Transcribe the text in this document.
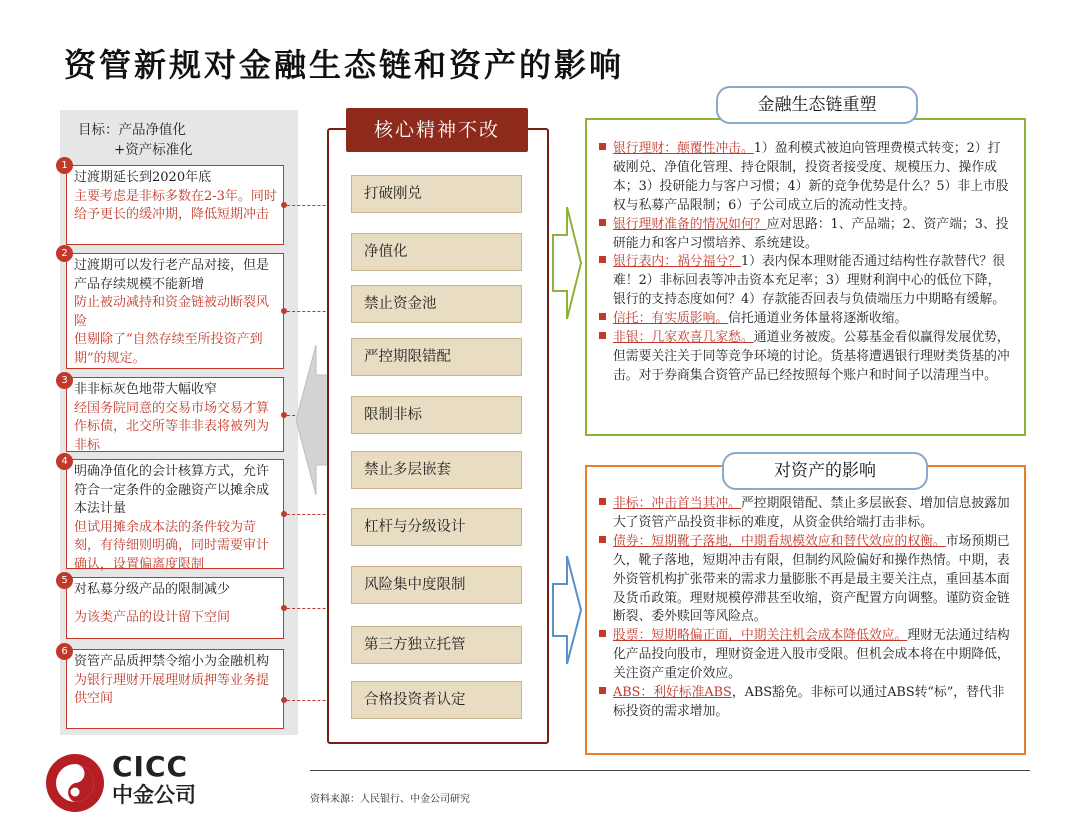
资管新规对金融生态链和资产的影响
目标：产品净值化
+资产标准化
过渡期延长到2020年底
主要考虑是非标多数在2-3年。同时给予更长的缓冲期，降低短期冲击
过渡期可以发行老产品对接，但是产品存续规模不能新增
防止被动减持和资金链被动断裂风险
但剔除了“自然存续至所投资产到期”的规定。
非非标灰色地带大幅收窄
经国务院同意的交易市场交易才算作标债，北交所等非非表将被列为非标
明确净值化的会计核算方式，允许符合一定条件的金融资产以摊余成本法计量
但试用摊余成本法的条件较为苛刻，有待细则明确，同时需要审计确认，设置偏离度限制
对私募分级产品的限制减少
为该类产品的设计留下空间
资管产品质押禁令缩小为金融机构
为银行理财开展理财质押等业务提供空间
1
2
3
4
5
6
核心精神不改
打破刚兑
净值化
禁止资金池
严控期限错配
限制非标
禁止多层嵌套
杠杆与分级设计
风险集中度限制
第三方独立托管
合格投资者认定
银行理财：颠覆性冲击。1）盈利模式被迫向管理费模式转变；2）打破刚兑、净值化管理、持仓限制，投资者接受度、规模压力、操作成本；3）投研能力与客户习惯；4）新的竞争优势是什么？5）非上市股权与私募产品限制；6）子公司成立后的流动性支持。
银行理财准备的情况如何？应对思路：1、产品端；2、资产端；3、投研能力和客户习惯培养、系统建设。
银行表内：祸兮福兮？1）表内保本理财能否通过结构性存款替代？很难！2）非标回表等冲击资本充足率；3）理财利润中心的低位下降，银行的支持态度如何？4）存款能否回表与负债端压力中期略有缓解。
信托：有实质影响。信托通道业务体量将逐渐收缩。
非银：几家欢喜几家愁。通道业务被废。公募基金看似赢得发展优势，但需要关注关于同等竞争环境的讨论。货基将遭遇银行理财类货基的冲击。对于券商集合资管产品已经按照每个账户和时间子以清理当中。
金融生态链重塑
非标：冲击首当其冲。严控期限错配、禁止多层嵌套、增加信息披露加大了资管产品投资非标的难度，从资金供给端打击非标。
债券：短期靴子落地，中期看规模效应和替代效应的权衡。市场预期已久，靴子落地，短期冲击有限，但制约风险偏好和操作热情。中期，表外资管机构扩张带来的需求力量膨胀不再是最主要关注点，重回基本面及货币政策。理财规模停滞甚至收缩，资产配置方向调整。谨防资金链断裂、委外赎回等风险点。
股票：短期略偏正面，中期关注机会成本降低效应。理财无法通过结构化产品投向股市，理财资金进入股市受限。但机会成本将在中期降低，关注资产重定价效应。
ABS：利好标准ABS，ABS豁免。非标可以通过ABS转“标”，替代非标投资的需求增加。
对资产的影响
CICC
中金公司	资料来源：人民银行、中金公司研究
